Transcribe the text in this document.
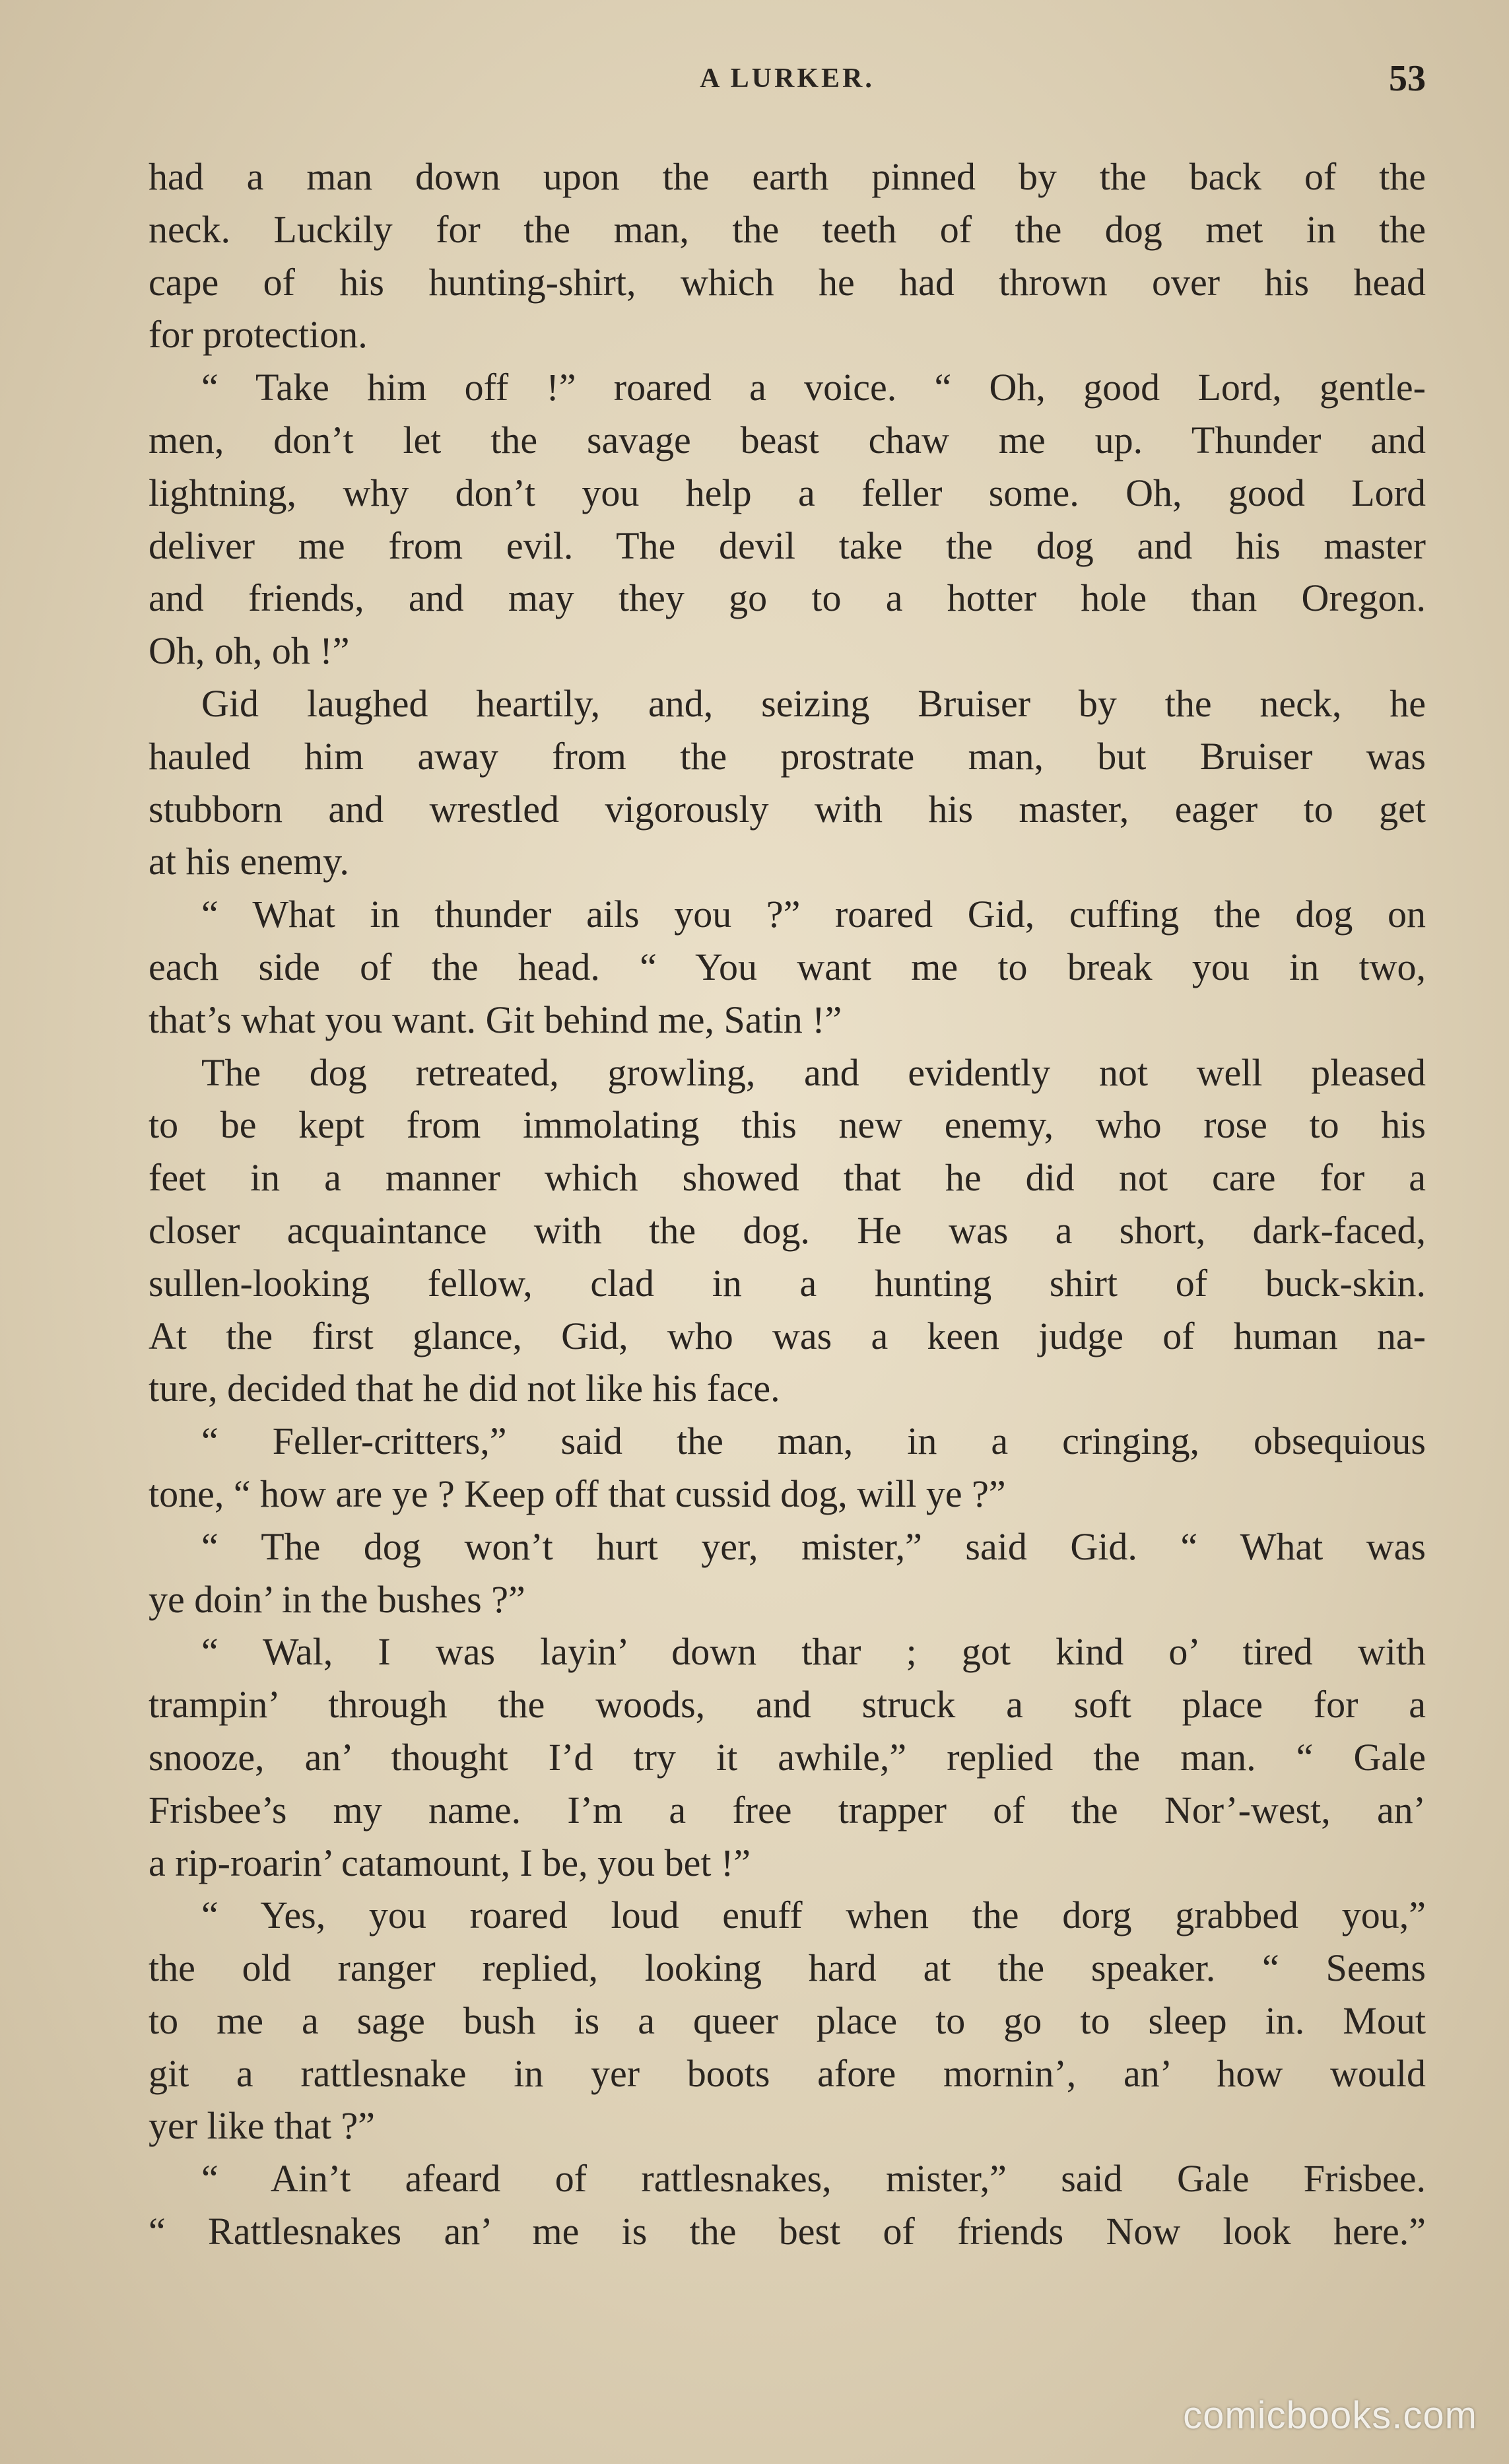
A LURKER.	53
had a man down upon the earth pinned by the back of the
neck. Luckily for the man, the teeth of the dog met in the
cape of his hunting-shirt, which he had thrown over his head
for protection.
“ Take him off !” roared a voice. “ Oh, good Lord, gentle-
men, don’t let the savage beast chaw me up. Thunder and
lightning, why don’t you help a feller some. Oh, good Lord
deliver me from evil. The devil take the dog and his master
and friends, and may they go to a hotter hole than Oregon.
Oh, oh, oh !”
Gid laughed heartily, and, seizing Bruiser by the neck, he
hauled him away from the prostrate man, but Bruiser was
stubborn and wrestled vigorously with his master, eager to get
at his enemy.
“ What in thunder ails you ?” roared Gid, cuffing the dog on
each side of the head. “ You want me to break you in two,
that’s what you want. Git behind me, Satin !”
The dog retreated, growling, and evidently not well pleased
to be kept from immolating this new enemy, who rose to his
feet in a manner which showed that he did not care for a
closer acquaintance with the dog. He was a short, dark-faced,
sullen-looking fellow, clad in a hunting shirt of buck-skin.
At the first glance, Gid, who was a keen judge of human na-
ture, decided that he did not like his face.
“ Feller-critters,” said the man, in a cringing, obsequious
tone, “ how are ye ? Keep off that cussid dog, will ye ?”
“ The dog won’t hurt yer, mister,” said Gid. “ What was
ye doin’ in the bushes ?”
“ Wal, I was layin’ down thar ; got kind o’ tired with
trampin’ through the woods, and struck a soft place for a
snooze, an’ thought I’d try it awhile,” replied the man. “ Gale
Frisbee’s my name. I’m a free trapper of the Nor’-west, an’
a rip-roarin’ catamount, I be, you bet !”
“ Yes, you roared loud enuff when the dorg grabbed you,”
the old ranger replied, looking hard at the speaker. “ Seems
to me a sage bush is a queer place to go to sleep in. Mout
git a rattlesnake in yer boots afore mornin’, an’ how would
yer like that ?”
“ Ain’t afeard of rattlesnakes, mister,” said Gale Frisbee.
“ Rattlesnakes an’ me is the best of friends Now look here.”
comicbooks.com
